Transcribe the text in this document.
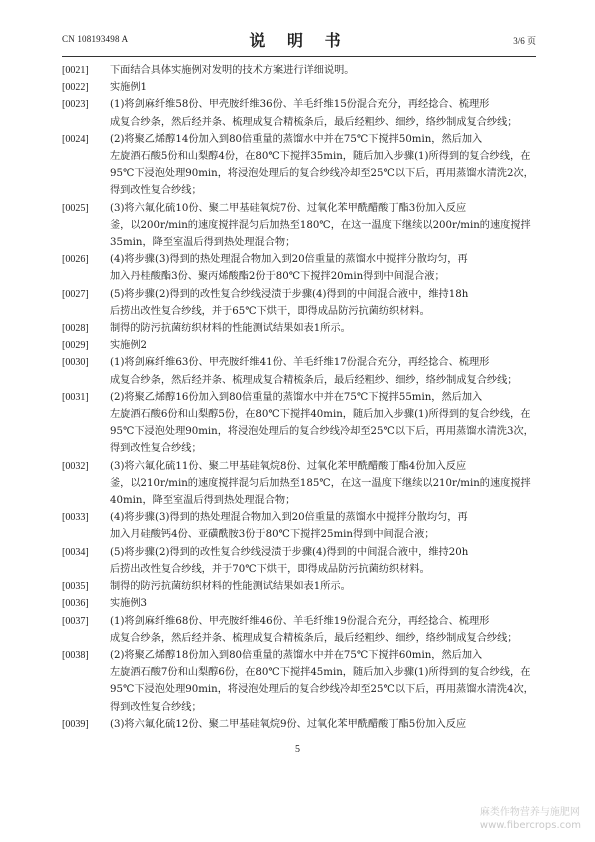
CN 108193498 A	说 明 书	3/6 页
[0021]	下面结合具体实施例对发明的技术方案进行详细说明。
[0022]	实施例1
[0023]	(1)将剑麻纤维58份、甲壳胺纤维36份、羊毛纤维15份混合充分，再经捻合、梳理形
成复合纱条，然后经并条、梳理成复合精梳条后，最后经粗纱、细纱，络纱制成复合纱线；
[0024]	(2)将聚乙烯醇14份加入到80倍重量的蒸馏水中并在75℃下搅拌50min，然后加入
左旋酒石酸5份和山梨醇4份，在80℃下搅拌35min，随后加入步骤(1)所得到的复合纱线，在
95℃下浸泡处理90min，将浸泡处理后的复合纱线冷却至25℃以下后，再用蒸馏水清洗2次，
得到改性复合纱线；
[0025]	(3)将六氟化硫10份、聚二甲基硅氧烷7份、过氧化苯甲酰醋酸丁酯3份加入反应
釜，以200r/min的速度搅拌混匀后加热至180℃，在这一温度下继续以200r/min的速度搅拌
35min，降至室温后得到热处理混合物；
[0026]	(4)将步骤(3)得到的热处理混合物加入到20倍重量的蒸馏水中搅拌分散均匀，再
加入丹桂酸酯3份、聚丙烯酸酯2份于80℃下搅拌20min得到中间混合液；
[0027]	(5)将步骤(2)得到的改性复合纱线浸渍于步骤(4)得到的中间混合液中，维持18h
后捞出改性复合纱线，并于65℃下烘干，即得成品防污抗菌纺织材料。
[0028]	制得的防污抗菌纺织材料的性能测试结果如表1所示。
[0029]	实施例2
[0030]	(1)将剑麻纤维63份、甲壳胺纤维41份、羊毛纤维17份混合充分，再经捻合、梳理形
成复合纱条，然后经并条、梳理成复合精梳条后，最后经粗纱、细纱，络纱制成复合纱线；
[0031]	(2)将聚乙烯醇16份加入到80倍重量的蒸馏水中并在75℃下搅拌55min，然后加入
左旋酒石酸6份和山梨醇5份，在80℃下搅拌40min，随后加入步骤(1)所得到的复合纱线，在
95℃下浸泡处理90min，将浸泡处理后的复合纱线冷却至25℃以下后，再用蒸馏水清洗3次，
得到改性复合纱线；
[0032]	(3)将六氟化硫11份、聚二甲基硅氧烷8份、过氧化苯甲酰醋酸丁酯4份加入反应
釜，以210r/min的速度搅拌混匀后加热至185℃，在这一温度下继续以210r/min的速度搅拌
40min，降至室温后得到热处理混合物；
[0033]	(4)将步骤(3)得到的热处理混合物加入到20倍重量的蒸馏水中搅拌分散均匀，再
加入月硅酸钙4份、亚磺酰胺3份于80℃下搅拌25min得到中间混合液；
[0034]	(5)将步骤(2)得到的改性复合纱线浸渍于步骤(4)得到的中间混合液中，维持20h
后捞出改性复合纱线，并于70℃下烘干，即得成品防污抗菌纺织材料。
[0035]	制得的防污抗菌纺织材料的性能测试结果如表1所示。
[0036]	实施例3
[0037]	(1)将剑麻纤维68份、甲壳胺纤维46份、羊毛纤维19份混合充分，再经捻合、梳理形
成复合纱条，然后经并条、梳理成复合精梳条后，最后经粗纱、细纱，络纱制成复合纱线；
[0038]	(2)将聚乙烯醇18份加入到80倍重量的蒸馏水中并在75℃下搅拌60min，然后加入
左旋酒石酸7份和山梨醇6份，在80℃下搅拌45min，随后加入步骤(1)所得到的复合纱线，在
95℃下浸泡处理90min，将浸泡处理后的复合纱线冷却至25℃以下后，再用蒸馏水清洗4次，
得到改性复合纱线；
[0039]	(3)将六氟化硫12份、聚二甲基硅氧烷9份、过氧化苯甲酰醋酸丁酯5份加入反应
5
麻类作物营养与施肥网
www.fibercrops.com
